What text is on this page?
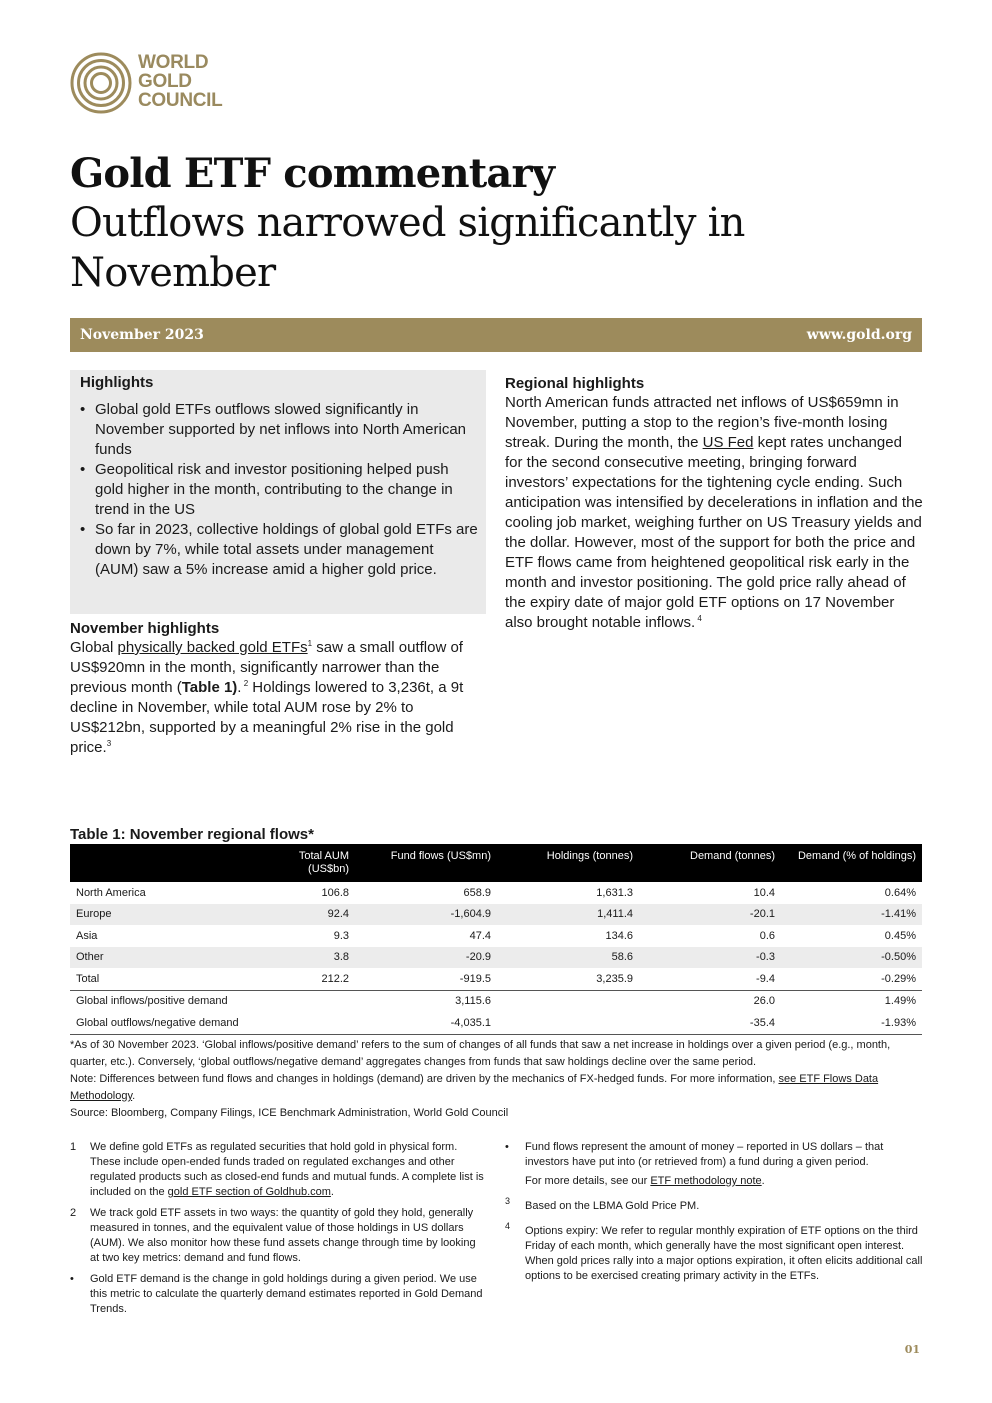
WORLD
GOLD
COUNCIL
Gold ETF commentary
Outflows narrowed significantly in November
November 2023	www.gold.org
Highlights
• Global gold ETFs outflows slowed significantly in November supported by net inflows into North American funds
• Geopolitical risk and investor positioning helped push gold higher in the month, contributing to the change in trend in the US
• So far in 2023, collective holdings of global gold ETFs are down by 7%, while total assets under management (AUM) saw a 5% increase amid a higher gold price.
November highlights

Global physically backed gold ETFs$^1$ saw a small outflow of US$920mn in the month, significantly narrower than the previous month (Table 1). $^2$ Holdings lowered to 3,236t, a 9t decline in November, while total AUM rose by 2% to US$212bn, supported by a meaningful 2% rise in the gold price.$^3$

Regional highlights

North American funds attracted net inflows of US$659mn in November, putting a stop to the region’s five-month losing streak. During the month, the US Fed kept rates unchanged for the second consecutive meeting, bringing forward investors’ expectations for the tightening cycle ending. Such anticipation was intensified by decelerations in inflation and the cooling job market, weighing further on US Treasury yields and the dollar. However, most of the support for both the price and ETF flows came from heightened geopolitical risk early in the month and investor positioning. The gold price rally ahead of the expiry date of major gold ETF options on 17 November also brought notable inflows. $^4$

Table 1: November regional flows*
	Total AUM (US$bn)	Fund flows (US$mn)	Holdings (tonnes)	Demand (tonnes)	Demand (% of holdings)
North America	106.8	658.9	1,631.3	10.4	0.64%
Europe	92.4	-1,604.9	1,411.4	-20.1	-1.41%
Asia	9.3	47.4	134.6	0.6	0.45%
Other	3.8	-20.9	58.6	-0.3	-0.50%
Total	212.2	-919.5	3,235.9	-9.4	-0.29%
Global inflows/positive demand		3,115.6		26.0	1.49%
Global outflows/negative demand		-4,035.1		-35.4	-1.93%

*As of 30 November 2023. ‘Global inflows/positive demand’ refers to the sum of changes of all funds that saw a net increase in holdings over a given period (e.g., month, quarter, etc.). Conversely, ‘global outflows/negative demand’ aggregates changes from funds that saw holdings decline over the same period.

Note: Differences between fund flows and changes in holdings (demand) are driven by the mechanics of FX-hedged funds. For more information, see ETF Flows Data Methodology.

Source: Bloomberg, Company Filings, ICE Benchmark Administration, World Gold Council

1 We define gold ETFs as regulated securities that hold gold in physical form. These include open-ended funds traded on regulated exchanges and other regulated products such as closed-end funds and mutual funds. A complete list is included on the gold ETF section of Goldhub.com.

2 We track gold ETF assets in two ways: the quantity of gold they hold, generally measured in tonnes, and the equivalent value of those holdings in US dollars (AUM). We also monitor how these fund assets change through time by looking at two key metrics: demand and fund flows.

• Gold ETF demand is the change in gold holdings during a given period. We use this metric to calculate the quarterly demand estimates reported in Gold Demand Trends.

• Fund flows represent the amount of money – reported in US dollars – that investors have put into (or retrieved from) a fund during a given period.

For more details, see our ETF methodology note.

3 Based on the LBMA Gold Price PM.

4 Options expiry: We refer to regular monthly expiration of ETF options on the third Friday of each month, which generally have the most significant open interest. When gold prices rally into a major options expiration, it often elicits additional call options to be exercised creating primary activity in the ETFs.

01
